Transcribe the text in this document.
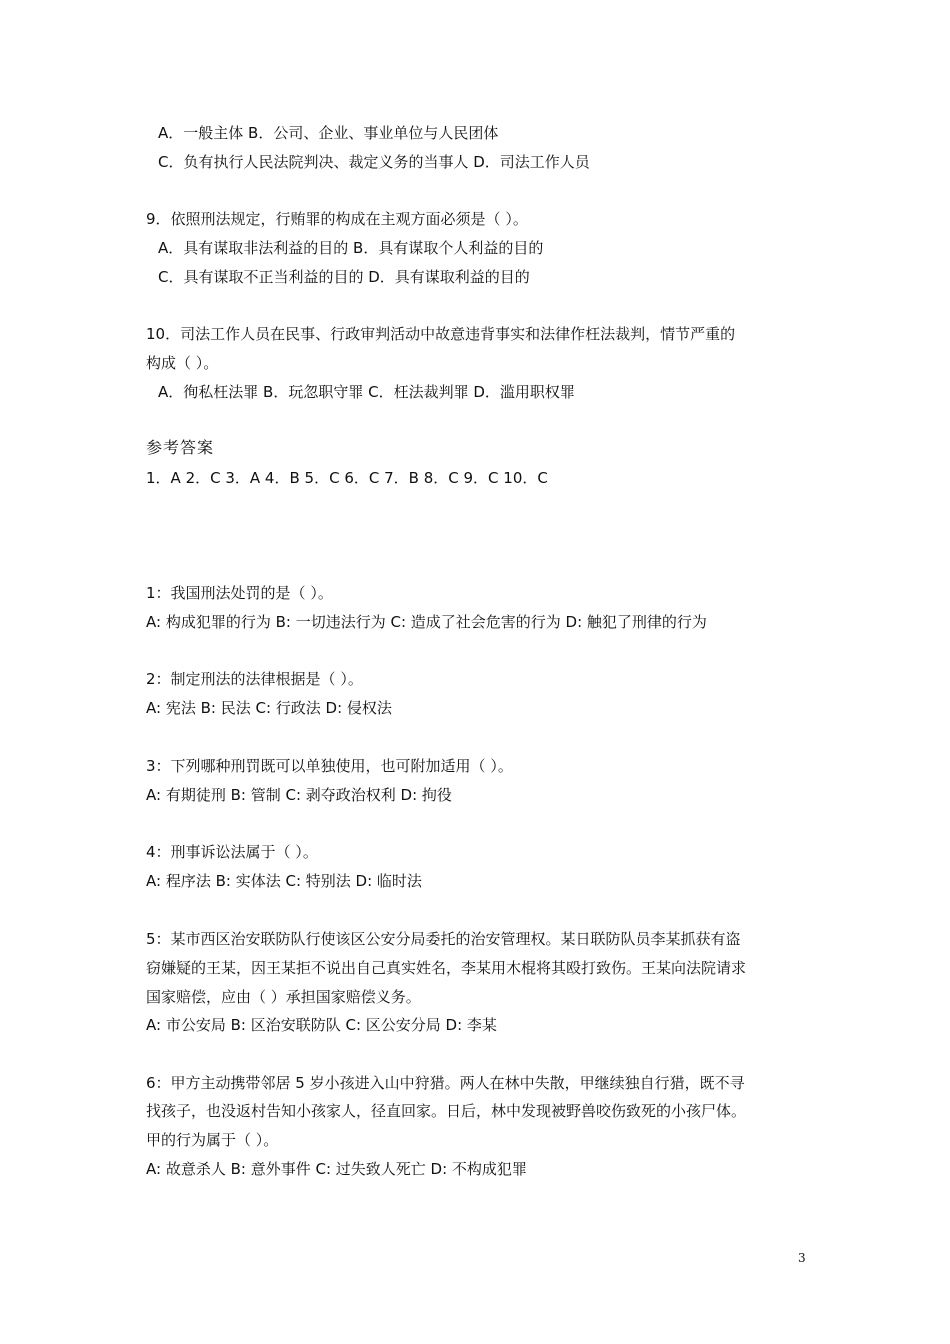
A．一般主体 B．公司、企业、事业单位与人民团体
C．负有执行人民法院判决、裁定义务的当事人 D．司法工作人员
9．依照刑法规定，行贿罪的构成在主观方面必须是（ ）。
A．具有谋取非法利益的目的 B．具有谋取个人利益的目的
C．具有谋取不正当利益的目的 D．具有谋取利益的目的
10．司法工作人员在民事、行政审判活动中故意违背事实和法律作枉法裁判，情节严重的
构成（ ）。
A．徇私枉法罪 B．玩忽职守罪 C．枉法裁判罪 D．滥用职权罪
参考答案
1．A 2．C 3．A 4．B 5．C 6．C 7．B 8．C 9．C 10．C
1：我国刑法处罚的是（ ）。
A: 构成犯罪的行为 B: 一切违法行为 C: 造成了社会危害的行为 D: 触犯了刑律的行为
2：制定刑法的法律根据是（ ）。
A: 宪法 B: 民法 C: 行政法 D: 侵权法
3：下列哪种刑罚既可以单独使用，也可附加适用（ ）。
A: 有期徒刑 B: 管制 C: 剥夺政治权利 D: 拘役
4：刑事诉讼法属于（ ）。
A: 程序法 B: 实体法 C: 特别法 D: 临时法
5：某市西区治安联防队行使该区公安分局委托的治安管理权。某日联防队员李某抓获有盗
窃嫌疑的王某，因王某拒不说出自己真实姓名，李某用木棍将其殴打致伤。王某向法院请求
国家赔偿，应由（ ）承担国家赔偿义务。
A: 市公安局 B: 区治安联防队 C: 区公安分局 D: 李某
6：甲方主动携带邻居 5 岁小孩进入山中狩猎。两人在林中失散，甲继续独自行猎，既不寻
找孩子，也没返村告知小孩家人，径直回家。日后，林中发现被野兽咬伤致死的小孩尸体。
甲的行为属于（ ）。
A: 故意杀人 B: 意外事件 C: 过失致人死亡 D: 不构成犯罪
3
